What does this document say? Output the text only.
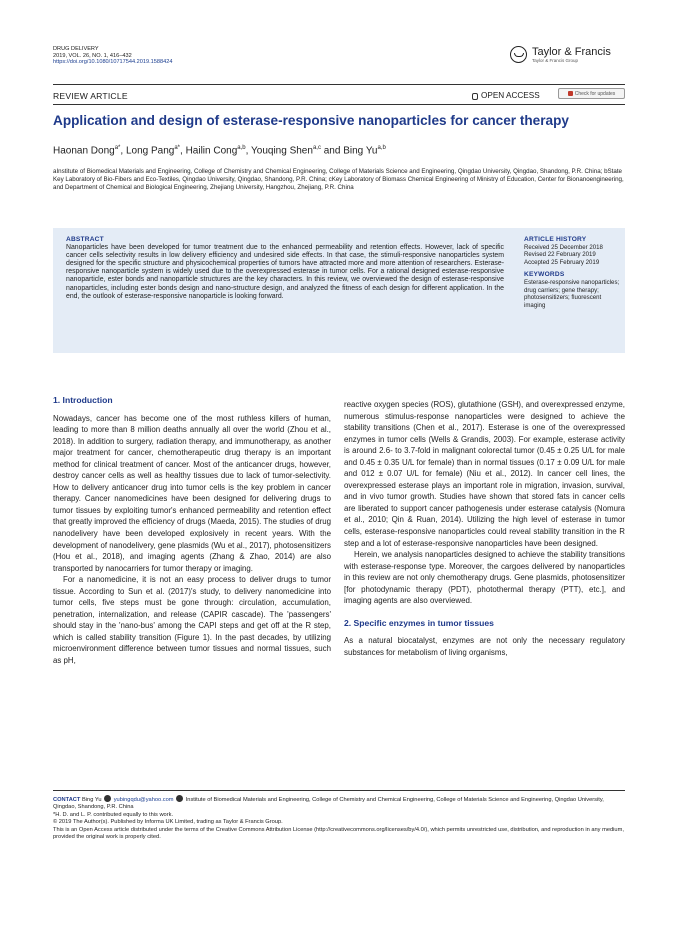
DRUG DELIVERY
2019, VOL. 26, NO. 1, 416–432
https://doi.org/10.1080/10717544.2019.1588424
Taylor & Francis
Taylor & Francis Group
REVIEW ARTICLE	OPEN ACCESS	Check for updates
Application and design of esterase-responsive nanoparticles for cancer therapy
Haonan Dong$^{a*}$, Long Pang$^{a*}$, Hailin Cong$^{a,b}$, Youqing Shen$^{a,c}$ and Bing Yu$^{a,b}$
aInstitute of Biomedical Materials and Engineering, College of Chemistry and Chemical Engineering, College of Materials Science and Engineering, Qingdao University, Qingdao, Shandong, P.R. China; bState Key Laboratory of Bio-Fibers and Eco-Textiles, Qingdao University, Qingdao, Shandong, P.R. China; cKey Laboratory of Biomass Chemical Engineering of Ministry of Education, Center for Bionanoengineering, and Department of Chemical and Biological Engineering, Zhejiang University, Hangzhou, Zhejiang, P.R. China
ABSTRACT
Nanoparticles have been developed for tumor treatment due to the enhanced permeability and retention effects. However, lack of specific cancer cells selectivity results in low delivery efficiency and undesired side effects. In that case, the stimuli-responsive nanoparticles system designed for the specific structure and physicochemical properties of tumors have attracted more and more attention of researchers. Esterase-responsive nanoparticle system is widely used due to the overexpressed esterase in tumor cells. For a rational designed esterase-responsive nanoparticle, ester bonds and nanoparticle structures are the key characters. In this review, we overviewed the design of esterase-responsive nanoparticles, including ester bonds design and nano-structure design, and analyzed the fitness of each design for different application. In the end, the outlook of esterase-responsive nanoparticle is looking forward.
ARTICLE HISTORY
Received 25 December 2018
Revised 22 February 2019
Accepted 25 February 2019
KEYWORDS
Esterase-responsive nanoparticles; drug carriers; gene therapy; photosensitizers; fluorescent imaging
1. Introduction

Nowadays, cancer has become one of the most ruthless killers of human, leading to more than 8 million deaths annually all over the world (Zhou et al., 2018). In addition to surgery, radiation therapy, and immunotherapy, as another major treatment for cancer, chemotherapeutic drug therapy is an important method for clinical treatment of cancer. Most of the anticancer drugs, however, destroy cancer cells as well as healthy tissues due to lack of tumor-selectivity. How to delivery anticancer drug into tumor cells is the key problem in cancer therapy. Cancer nanomedicines have been designed for delivering drugs to tumor tissues by exploiting tumor's enhanced permeability and retention effect that greatly improved the efficiency of drugs (Maeda, 2015). The studies of drug nanodelivery have been developed explosively in recent years. With the development of nanodelivery, gene plasmids (Wu et al., 2017), photosensitizers (Hou et al., 2018), and imaging agents (Zhang & Zhao, 2014) are also transported by nanocarriers for tumor therapy or imaging.

For a nanomedicine, it is not an easy process to deliver drugs to tumor tissue. According to Sun et al. (2017)'s study, to delivery nanomedicine into tumor cells, five steps must be gone through: circulation, accumulation, penetration, internalization, and release (CAPIR cascade). The 'passengers' should stay in the 'nano-bus' among the CAPI steps and get off at the R step, which is called stability transition (Figure 1). In the past decades, by utilizing microenvironment difference between tumor tissues and normal tissues, such as pH,

reactive oxygen species (ROS), glutathione (GSH), and overexpressed enzyme, numerous stimulus-response nanoparticles were designed to achieve the stability transitions (Chen et al., 2017). Esterase is one of the overexpressed enzymes in tumor cells (Wells & Grandis, 2003). For example, esterase activity is around 2.6- to 3.7-fold in malignant colorectal tumor (0.45 ± 0.25 U/L for male and 0.45 ± 0.35 U/L for female) than in normal tissues (0.17 ± 0.09 U/L for male and 012 ± 0.07 U/L for female) (Niu et al., 2012). In cancer cell lines, the overexpressed esterase plays an important role in migration, invasion, survival, and in vivo tumor growth. Studies have shown that stored fats in cancer cells are liberated to support cancer pathogenesis under esterase catalysis (Nomura et al., 2010; Qin & Ruan, 2014). Utilizing the high level of esterase in tumor cells, esterase-responsive nanoparticles could reveal stability transition in the R step and a lot of esterase-responsive nanoparticles have been designed.

Herein, we analysis nanoparticles designed to achieve the stability transitions with esterase-response type. Moreover, the cargoes delivered by nanoparticles in this review are not only chemotherapy drugs. Gene plasmids, photosensitizer [for photodynamic therapy (PDT), photothermal therapy (PTT), etc.], and imaging agents are also overviewed.

2. Specific enzymes in tumor tissues

As a natural biocatalyst, enzymes are not only the necessary regulatory substances for metabolism of living organisms,

CONTACT Bing Yu yubingqdu@yahoo.com Institute of Biomedical Materials and Engineering, College of Chemistry and Chemical Engineering, College of Materials Science and Engineering, Qingdao University, Qingdao, Shandong, P.R. China
*H. D. and L. P. contributed equally to this work.
© 2019 The Author(s). Published by Informa UK Limited, trading as Taylor & Francis Group.
This is an Open Access article distributed under the terms of the Creative Commons Attribution License (http://creativecommons.org/licenses/by/4.0/), which permits unrestricted use, distribution, and reproduction in any medium, provided the original work is properly cited.
